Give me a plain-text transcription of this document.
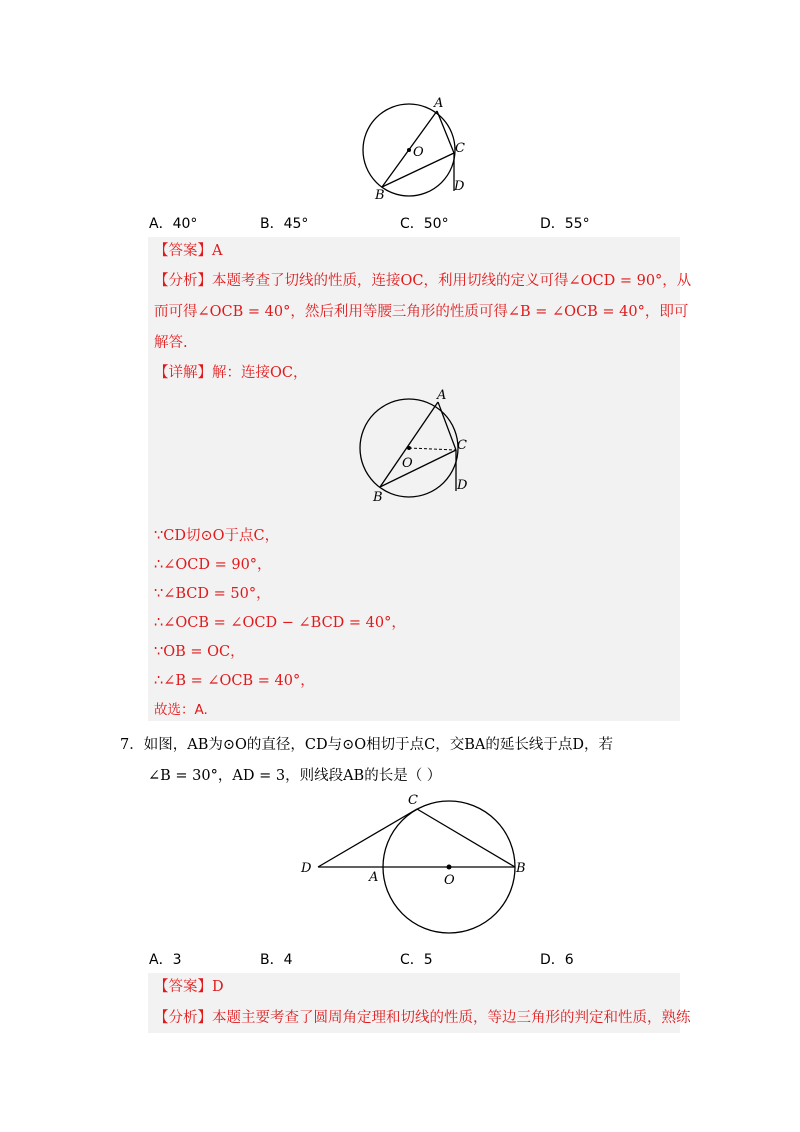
A
O C
B
D
A．40°	B．45°	C．50°	D．55°
【答案】A
【分析】本题考查了切线的性质，连接OC，利用切线的定义可得∠OCD = 90°，从
而可得∠OCB = 40°，然后利用等腰三角形的性质可得∠B = ∠OCB = 40°，即可
解答.
【详解】解：连接OC，
A
O
C
B
D
∵CD切⊙O于点C，
∴∠OCD = 90°，
∵∠BCD = 50°，
∴∠OCB = ∠OCD − ∠BCD = 40°，
∵OB = OC，
∴∠B = ∠OCB = 40°，
故选：A.
7．如图，AB为⊙O的直径，CD与⊙O相切于点C，交BA的延长线于点D，若
∠B = 30°，AD = 3，则线段AB的长是（ ）
C
D
A	O
B
A．3	B．4	C．5	D．6
【答案】D
【分析】本题主要考查了圆周角定理和切线的性质，等边三角形的判定和性质，熟练
